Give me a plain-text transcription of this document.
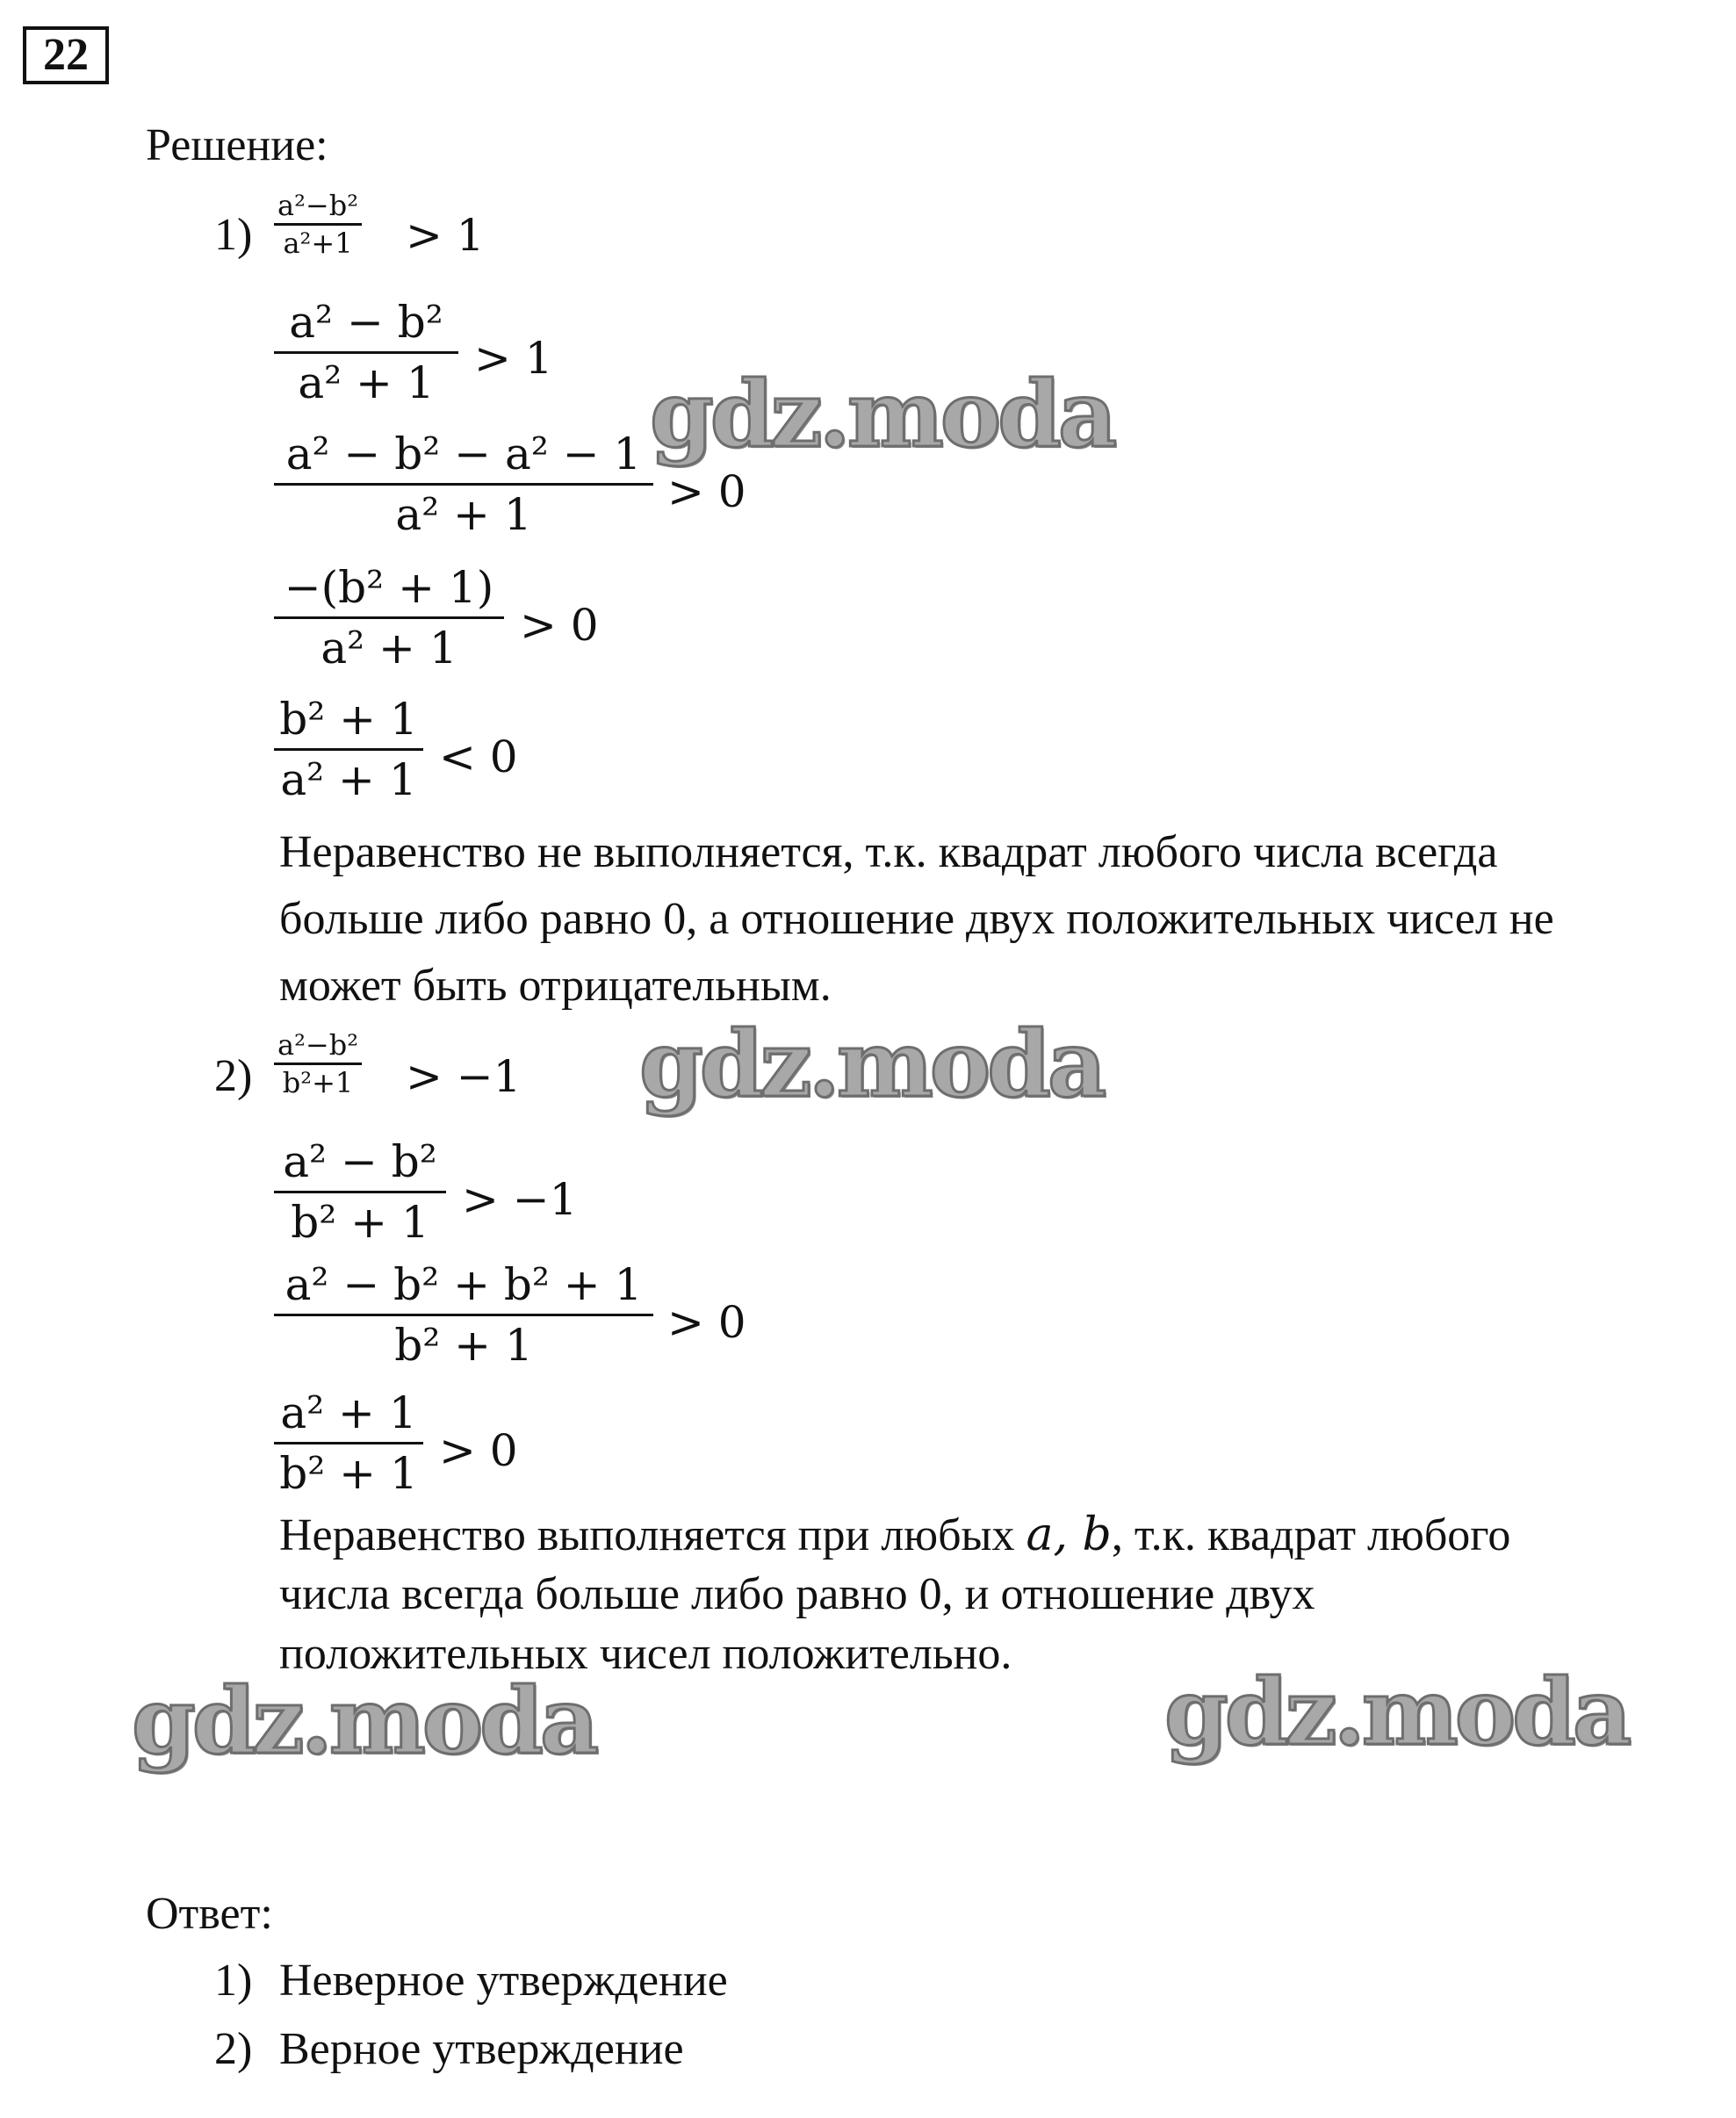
22
Решение:
1)
a²−b²
a²+1 > 1
a² − b²
a² + 1 > 1
a² − b² − a² − 1
a² + 1	> 0
−(b² + 1)
a² + 1	> 0
b² + 1
a² + 1 < 0
Неравенство не выполняется, т.к. квадрат любого числа всегда
больше либо равно 0, а отношение двух положительных чисел не
может быть отрицательным.
2)
a²−b²
b²+1 > −1
a² − b²
b² + 1 > −1
a² − b² + b² + 1
b² + 1	> 0
a² + 1
b² + 1 > 0
Неравенство выполняется при любых a, b, т.к. квадрат любого
числа всегда больше либо равно 0, и отношение двух
положительных чисел положительно.
Ответ:
1) Неверное утверждение
2) Верное утверждение
gdz.moda
gdz.moda
gdz.moda	gdz.moda
